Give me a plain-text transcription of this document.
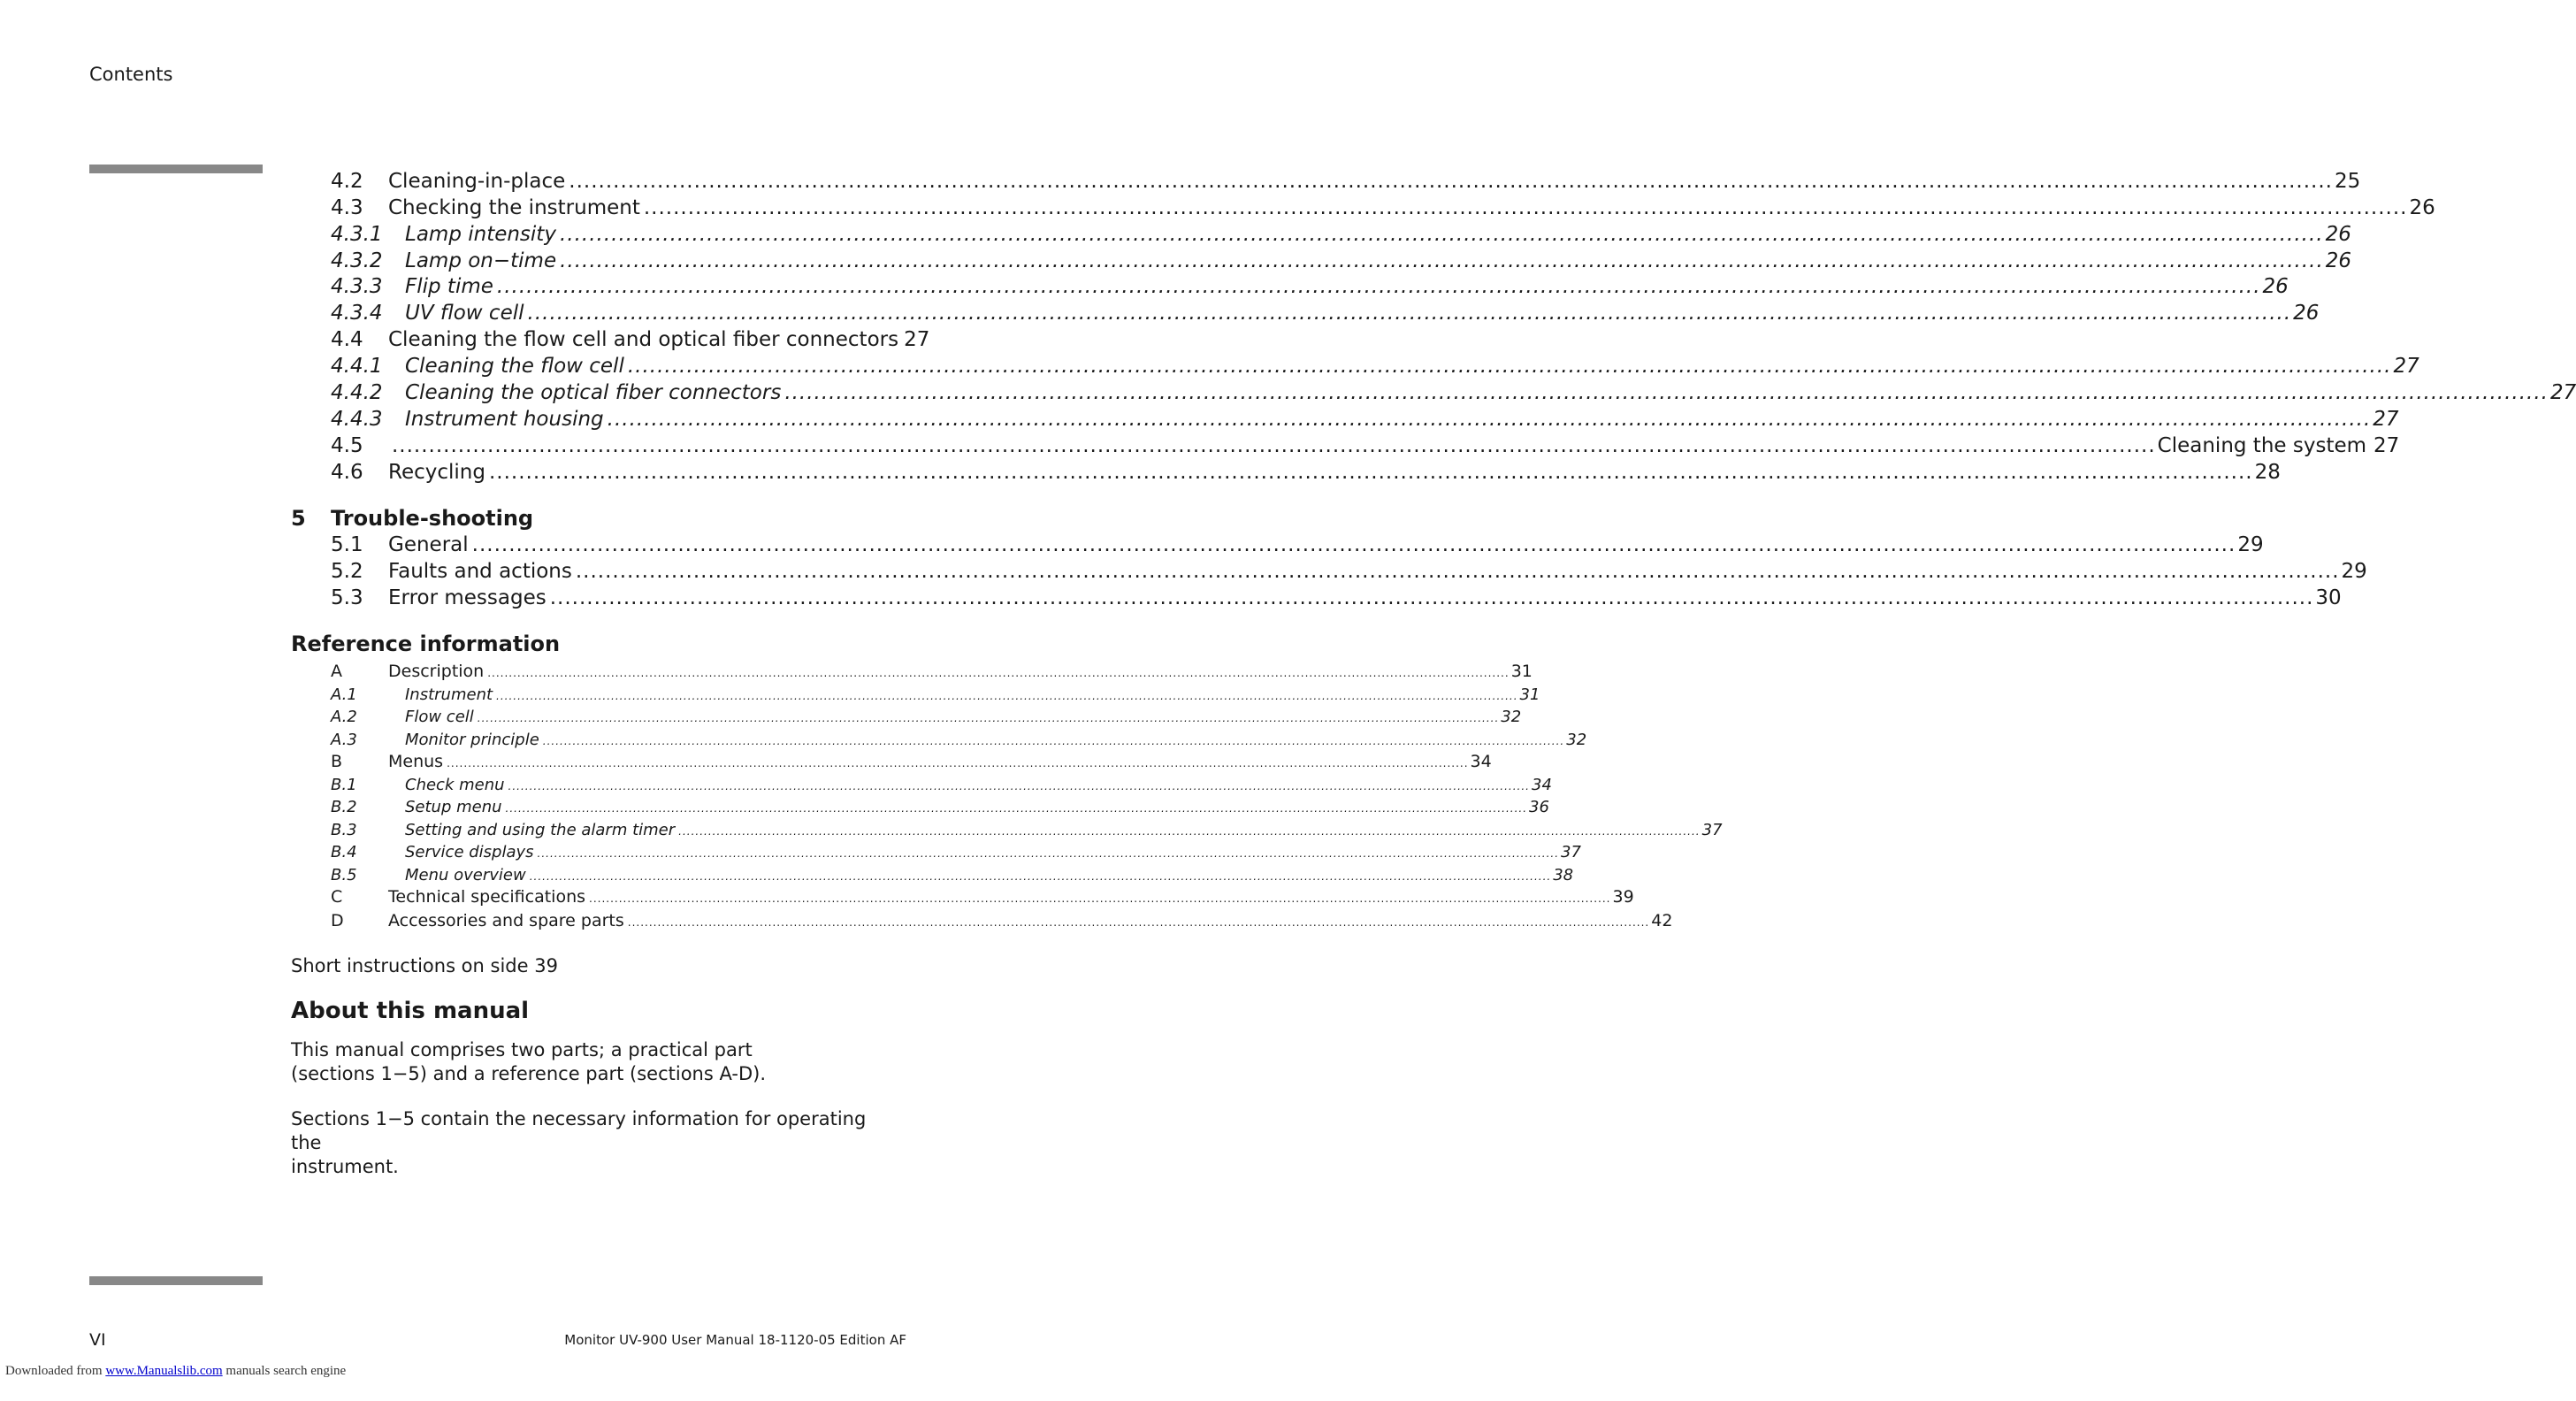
Contents
4.2 Cleaning-in-place .....	25
4.3 Checking the instrument .....	26
4.3.1 Lamp intensity .....	26
4.3.2 Lamp on−time .....	26
4.3.3 Flip time .....	26
4.3.4 UV flow cell .....	26
4.4 Cleaning the flow cell and optical fiber connectors 27
4.4.1 Cleaning the flow cell .....	27
4.4.2 Cleaning the optical fiber connectors .....	27
4.4.3 Instrument housing .....	27
4.5 .....	Cleaning the system 27
4.6 Recycling .....	28
5 Trouble-shooting
5.1 General .....	29
5.2 Faults and actions .....	29
5.3 Error messages .....	30
Reference information
A	Description .....	31
A.1	Instrument .....	31
A.2	Flow cell .....	32
A.3	Monitor principle .....	32
B	Menus .....	34
B.1	Check menu .....	34
B.2	Setup menu .....	36
B.3	Setting and using the alarm timer .....	37
B.4	Service displays .....	37
B.5	Menu overview .....	38
C	Technical specifications .....	39
D	Accessories and spare parts .....	42
Short instructions on side 39
About this manual
This manual comprises two parts; a practical part
(sections 1−5) and a reference part (sections A-D).
Sections 1−5 contain the necessary information for operating the
instrument.
VI	Monitor UV-900 User Manual 18-1120-05 Edition AF
Downloaded from www.Manualslib.com manuals search engine
